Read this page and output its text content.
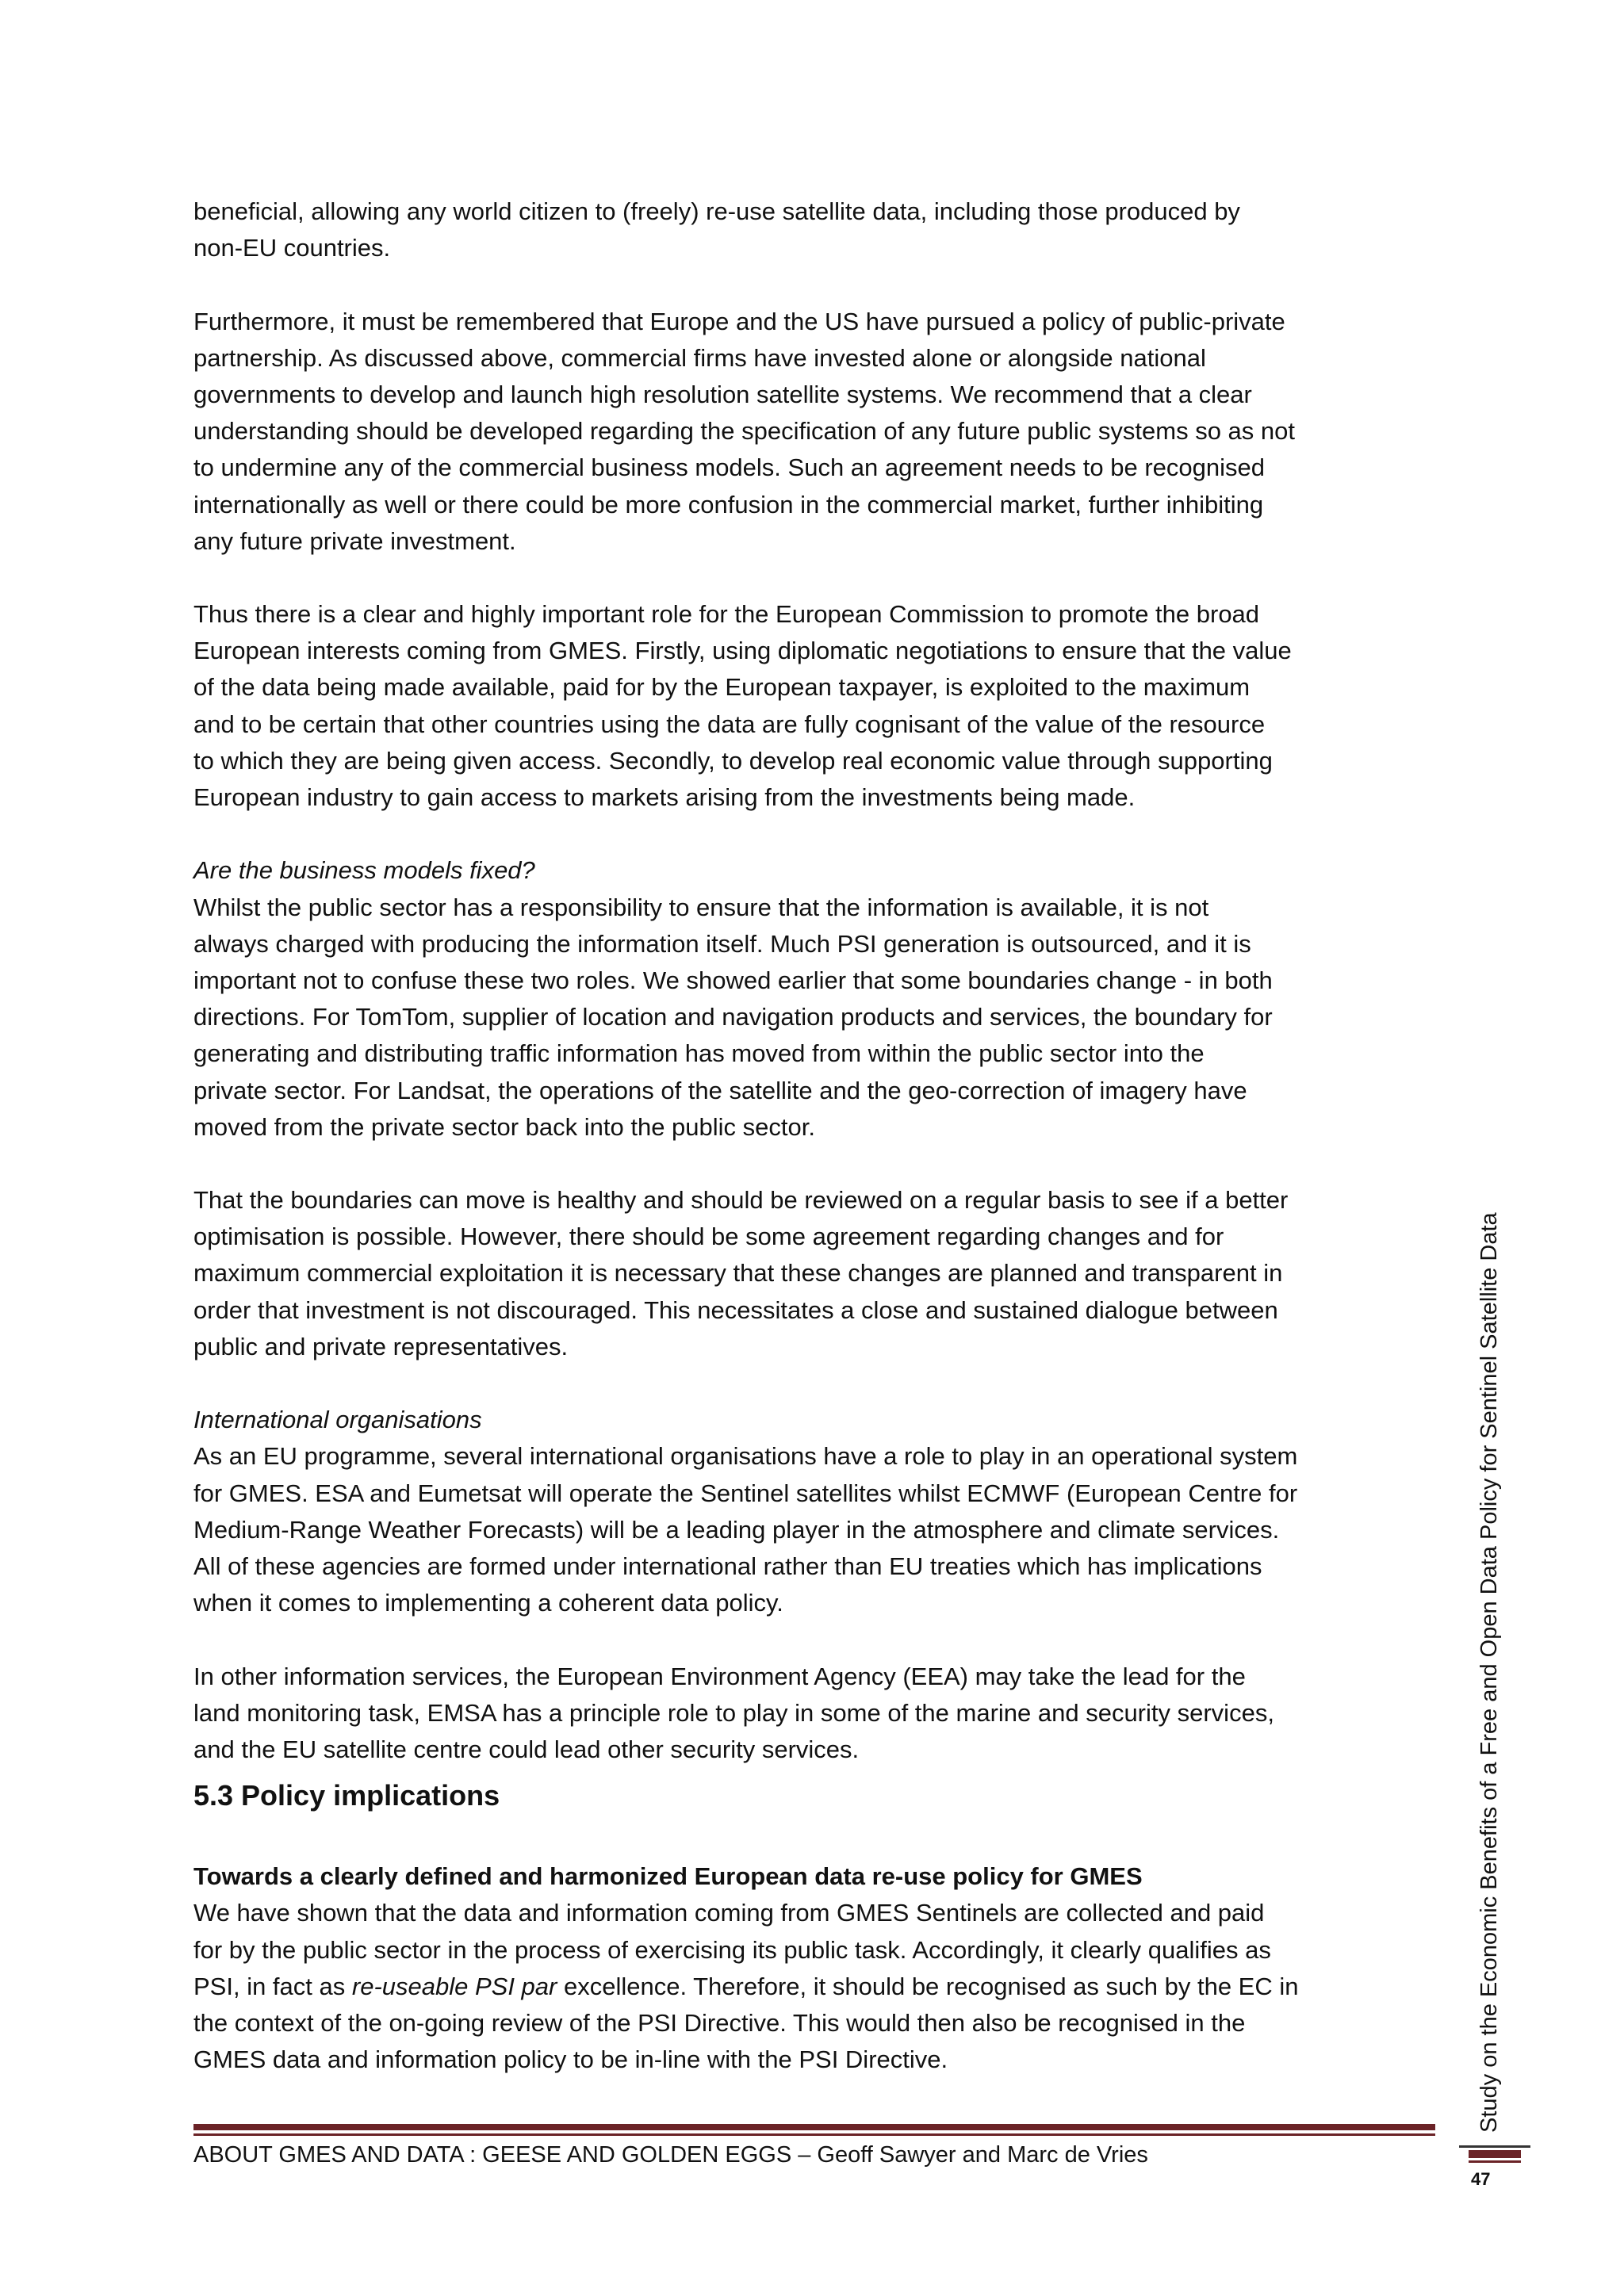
beneficial, allowing any world citizen to (freely) re-use satellite data, including those produced by
non-EU countries.
Furthermore, it must be remembered that Europe and the US have pursued a policy of public-private
partnership. As discussed above, commercial firms have invested alone or alongside national
governments to develop and launch high resolution satellite systems. We recommend that a clear
understanding should be developed regarding the specification of any future public systems so as not
to undermine any of the commercial business models. Such an agreement needs to be recognised
internationally as well or there could be more confusion in the commercial market, further inhibiting
any future private investment.
Thus there is a clear and highly important role for the European Commission to promote the broad
European interests coming from GMES. Firstly, using diplomatic negotiations to ensure that the value
of the data being made available, paid for by the European taxpayer, is exploited to the maximum
and to be certain that other countries using the data are fully cognisant of the value of the resource
to which they are being given access. Secondly, to develop real economic value through supporting
European industry to gain access to markets arising from the investments being made.
Are the business models fixed?
Whilst the public sector has a responsibility to ensure that the information is available, it is not
always charged with producing the information itself. Much PSI generation is outsourced, and it is
important not to confuse these two roles. We showed earlier that some boundaries change - in both
directions. For TomTom, supplier of location and navigation products and services, the boundary for
generating and distributing traffic information has moved from within the public sector into the
private sector. For Landsat, the operations of the satellite and the geo-correction of imagery have
moved from the private sector back into the public sector.
That the boundaries can move is healthy and should be reviewed on a regular basis to see if a better
optimisation is possible. However, there should be some agreement regarding changes and for
maximum commercial exploitation it is necessary that these changes are planned and transparent in
order that investment is not discouraged. This necessitates a close and sustained dialogue between
public and private representatives.
International organisations
As an EU programme, several international organisations have a role to play in an operational system
for GMES. ESA and Eumetsat will operate the Sentinel satellites whilst ECMWF (European Centre for
Medium-Range Weather Forecasts) will be a leading player in the atmosphere and climate services.
All of these agencies are formed under international rather than EU treaties which has implications
when it comes to implementing a coherent data policy.
In other information services, the European Environment Agency (EEA) may take the lead for the
land monitoring task, EMSA has a principle role to play in some of the marine and security services,
and the EU satellite centre could lead other security services.
5.3 Policy implications
Towards a clearly defined and harmonized European data re-use policy for GMES
We have shown that the data and information coming from GMES Sentinels are collected and paid
for by the public sector in the process of exercising its public task. Accordingly, it clearly qualifies as
PSI, in fact as re-useable PSI par excellence. Therefore, it should be recognised as such by the EC in
the context of the on-going review of the PSI Directive. This would then also be recognised in the
GMES data and information policy to be in-line with the PSI Directive.
ABOUT GMES AND DATA : GEESE AND GOLDEN EGGS – Geoff Sawyer and Marc de Vries
Study on the Economic Benefits of a Free and Open Data Policy for Sentinel Satellite Data
47
